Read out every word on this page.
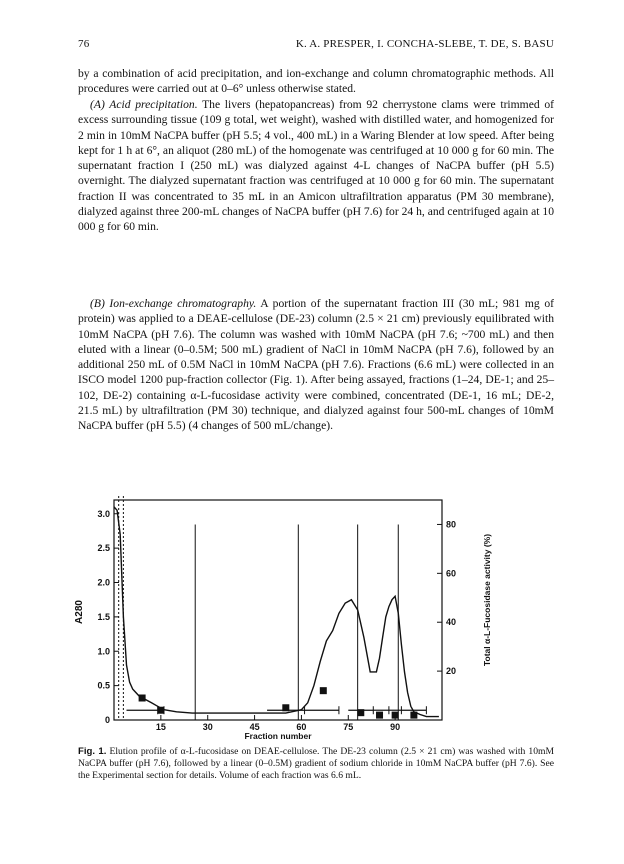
76	K. A. PRESPER, I. CONCHA-SLEBE, T. DE, S. BASU

by a combination of acid precipitation, and ion-exchange and column chromatographic methods. All procedures were carried out at 0–6° unless otherwise stated.

(A) Acid precipitation. The livers (hepatopancreas) from 92 cherrystone clams were trimmed of excess surrounding tissue (109 g total, wet weight), washed with distilled water, and homogenized for 2 min in 10mM NaCPA buffer (pH 5.5; 4 vol., 400 mL) in a Waring Blender at low speed. After being kept for 1 h at 6°, an aliquot (280 mL) of the homogenate was centrifuged at 10 000 g for 60 min. The supernatant fraction I (250 mL) was dialyzed against 4-L changes of NaCPA buffer (pH 5.5) overnight. The dialyzed supernatant fraction was centrifuged at 10 000 g for 60 min. The supernatant fraction II was concentrated to 35 mL in an Amicon ultrafiltration apparatus (PM 30 membrane), dialyzed against three 200-mL changes of NaCPA buffer (pH 7.6) for 24 h, and centrifuged again at 10 000 g for 60 min.

(B) Ion-exchange chromatography. A portion of the supernatant fraction III (30 mL; 981 mg of protein) was applied to a DEAE-cellulose (DE-23) column (2.5 × 21 cm) previously equilibrated with 10mM NaCPA (pH 7.6). The column was washed with 10mM NaCPA (pH 7.6; ~700 mL) and then eluted with a linear (0–0.5M; 500 mL) gradient of NaCl in 10mM NaCPA (pH 7.6), followed by an additional 250 mL of 0.5M NaCl in 10mM NaCPA (pH 7.6). Fractions (6.6 mL) were collected in an ISCO model 1200 pup-fraction collector (Fig. 1). After being assayed, fractions (1–24, DE-1; and 25–102, DE-2) containing α-L-fucosidase activity were combined, concentrated (DE-1, 16 mL; DE-2, 21.5 mL) by ultrafiltration (PM 30) technique, and dialyzed against four 500-mL changes of 10mM NaCPA buffer (pH 5.5) (4 changes of 500 mL/change).

0
0.5
1.0
1.5
2.0
2.5
3.0
20
40
60
80
15	30	45	60	75	90
A280	Total α-L-Fucosidase activity (%)
Fraction number

Fig. 1. Elution profile of α-L-fucosidase on DEAE-cellulose. The DE-23 column (2.5 × 21 cm) was washed with 10mM NaCPA buffer (pH 7.6), followed by a linear (0–0.5M) gradient of sodium chloride in 10mM NaCPA buffer (pH 7.6). See the Experimental section for details. Volume of each fraction was 6.6 mL.
